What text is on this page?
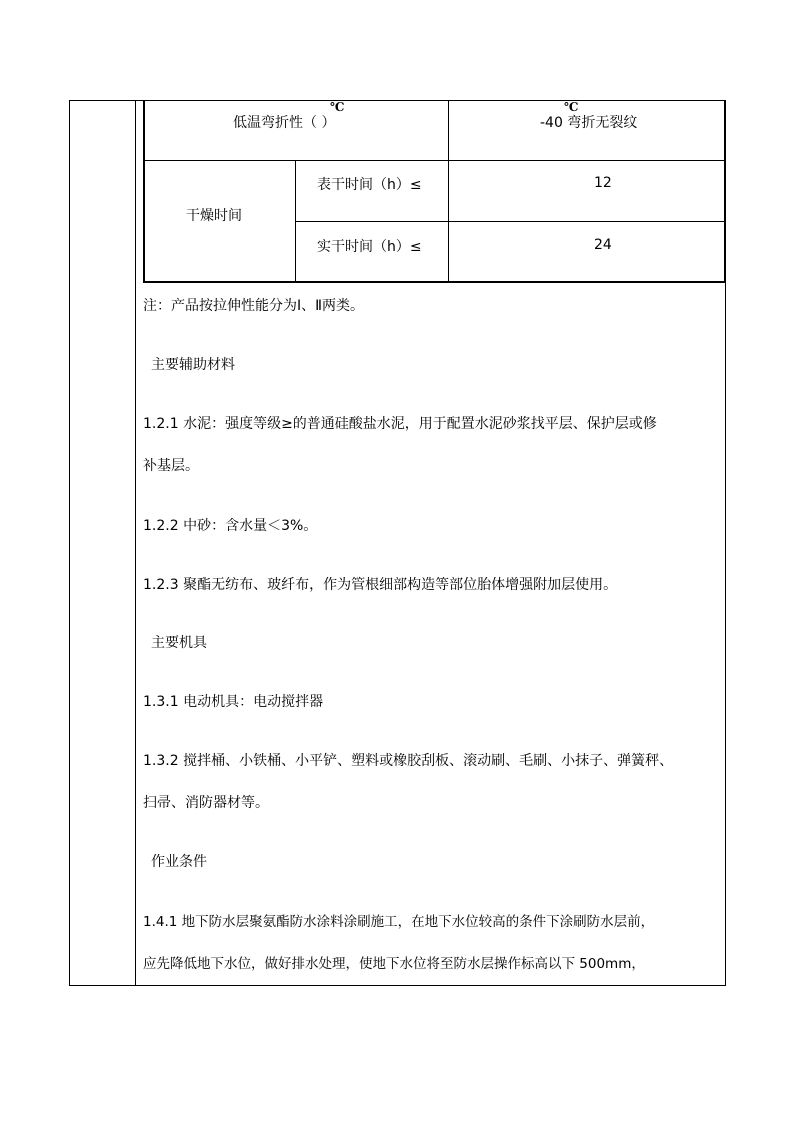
低温弯折性（ ）
℃
-40 弯折无裂纹
℃
干燥时间
表干时间（h）≤	12
实干时间（h）≤	24
注：产品按拉伸性能分为Ⅰ、Ⅱ两类。
主要辅助材料
1.2.1 水泥：强度等级≥的普通硅酸盐水泥，用于配置水泥砂浆找平层、保护层或修
补基层。
1.2.2 中砂：含水量＜3%。
1.2.3 聚酯无纺布、玻纤布，作为管根细部构造等部位胎体增强附加层使用。
主要机具
1.3.1 电动机具：电动搅拌器
1.3.2 搅拌桶、小铁桶、小平铲、塑料或橡胶刮板、滚动刷、毛刷、小抹子、弹簧秤、
扫帚、消防器材等。
作业条件
1.4.1 地下防水层聚氨酯防水涂料涂刷施工，在地下水位较高的条件下涂刷防水层前，
应先降低地下水位，做好排水处理，使地下水位将至防水层操作标高以下 500mm，
